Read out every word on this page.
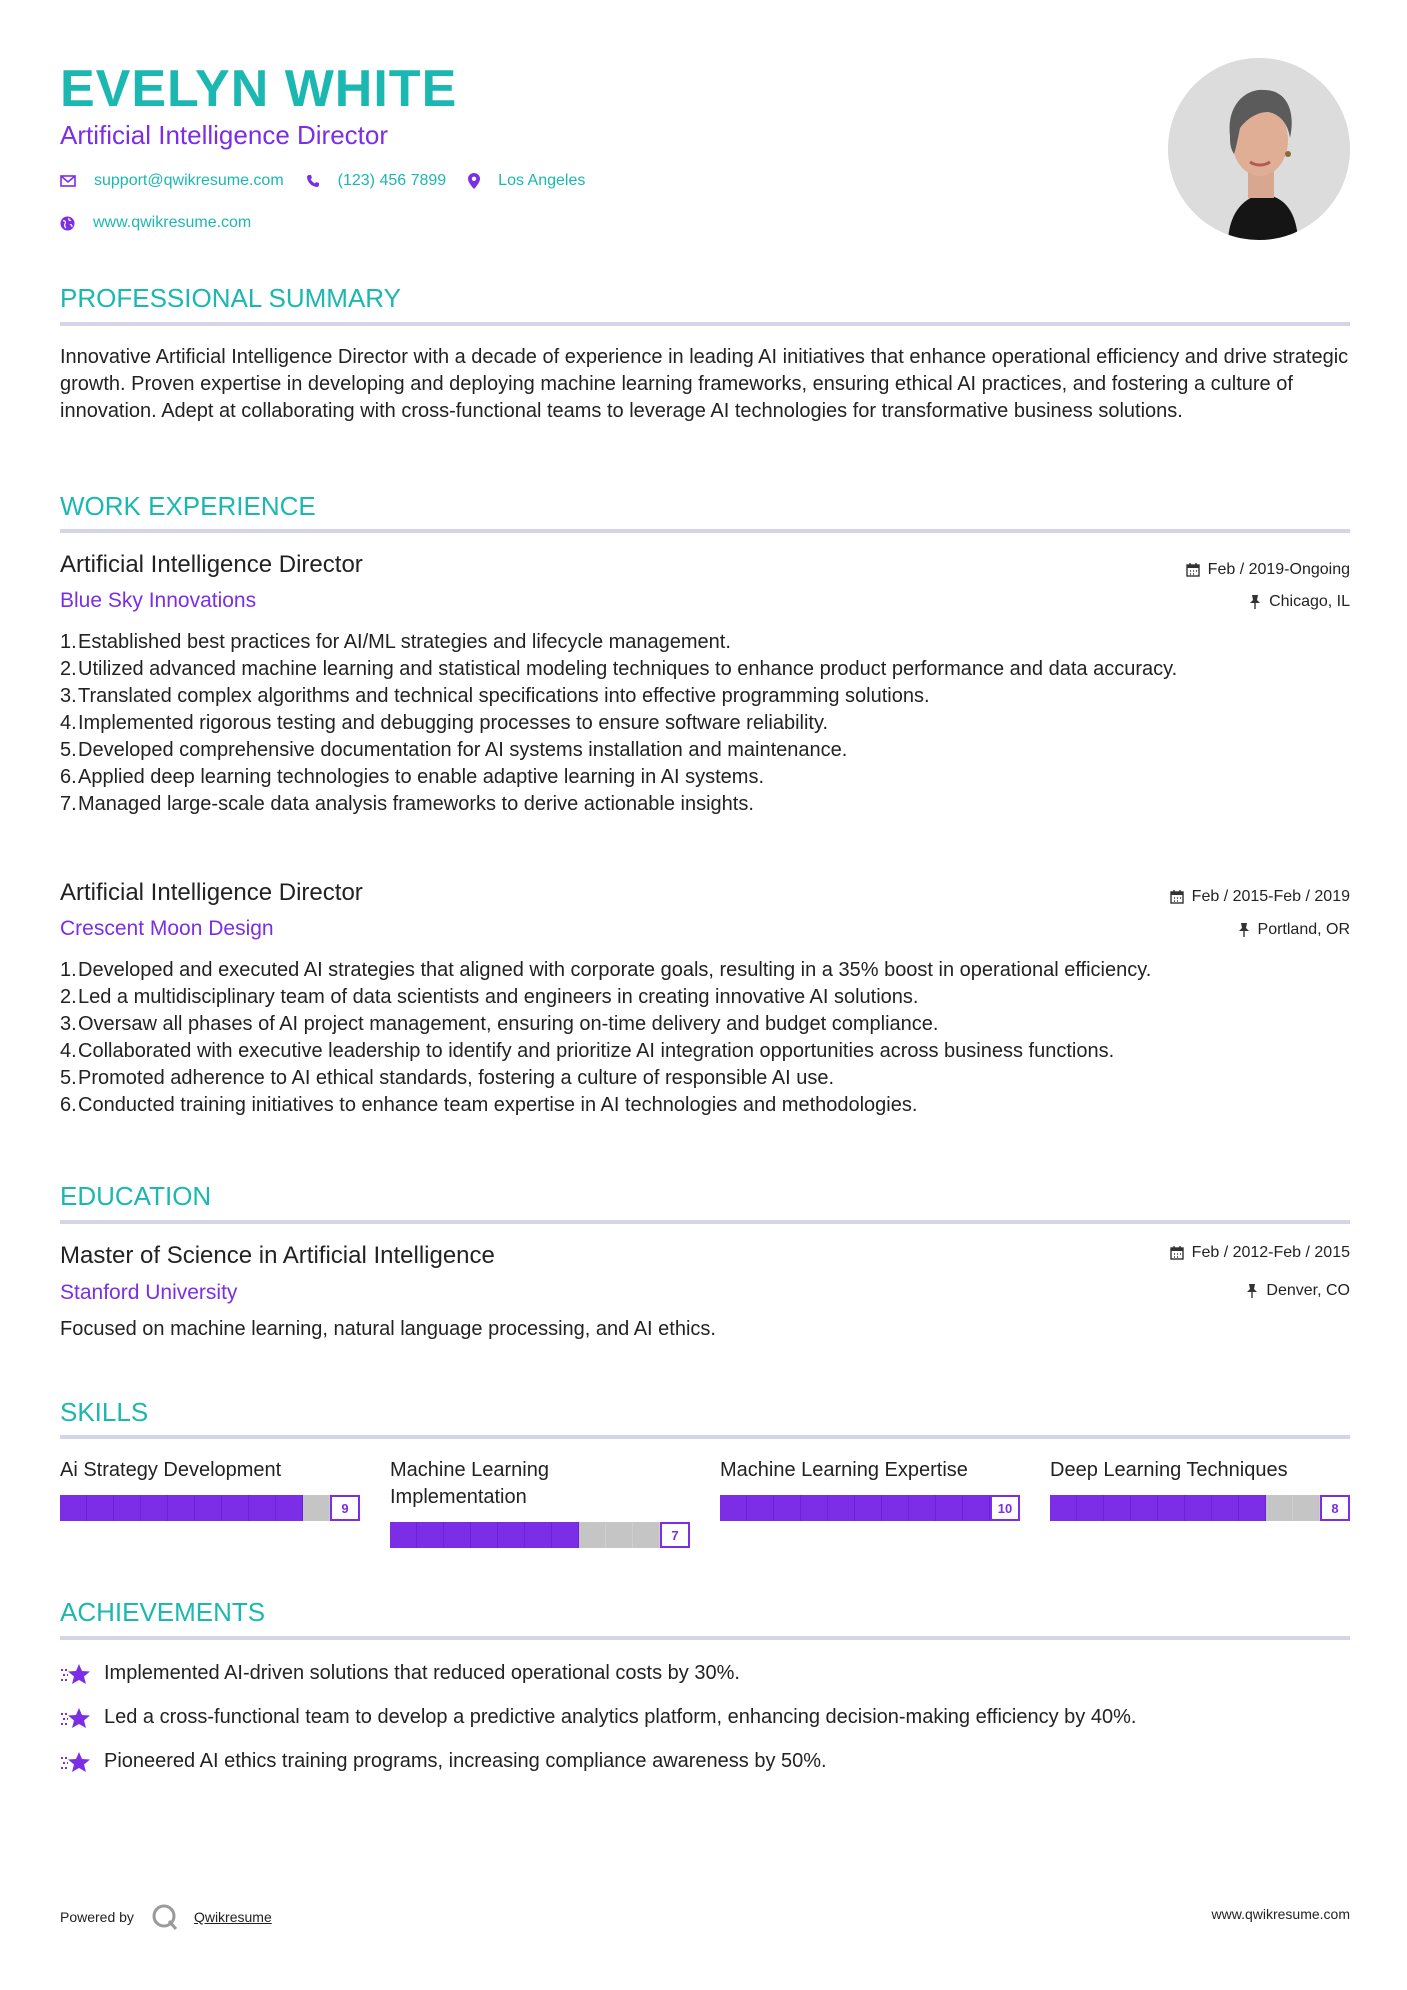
EVELYN WHITE
Artificial Intelligence Director
support@qwikresume.com	(123) 456 7899	Los Angeles
www.qwikresume.com
PROFESSIONAL SUMMARY
Innovative Artificial Intelligence Director with a decade of experience in leading AI initiatives that enhance operational efficiency and drive strategic growth. Proven expertise in developing and deploying machine learning frameworks, ensuring ethical AI practices, and fostering a culture of innovation. Adept at collaborating with cross-functional teams to leverage AI technologies for transformative business solutions.
WORK EXPERIENCE
Artificial Intelligence Director	Feb / 2019-Ongoing
Blue Sky Innovations	Chicago, IL
1. Established best practices for AI/ML strategies and lifecycle management.
2. Utilized advanced machine learning and statistical modeling techniques to enhance product performance and data accuracy.
3. Translated complex algorithms and technical specifications into effective programming solutions.
4. Implemented rigorous testing and debugging processes to ensure software reliability.
5. Developed comprehensive documentation for AI systems installation and maintenance.
6. Applied deep learning technologies to enable adaptive learning in AI systems.
7. Managed large-scale data analysis frameworks to derive actionable insights.
Artificial Intelligence Director	Feb / 2015-Feb / 2019
Crescent Moon Design	Portland, OR
1. Developed and executed AI strategies that aligned with corporate goals, resulting in a 35% boost in operational efficiency.
2. Led a multidisciplinary team of data scientists and engineers in creating innovative AI solutions.
3. Oversaw all phases of AI project management, ensuring on-time delivery and budget compliance.
4. Collaborated with executive leadership to identify and prioritize AI integration opportunities across business functions.
5. Promoted adherence to AI ethical standards, fostering a culture of responsible AI use.
6. Conducted training initiatives to enhance team expertise in AI technologies and methodologies.
EDUCATION
Master of Science in Artificial Intelligence	Feb / 2012-Feb / 2015
Stanford University	Denver, CO
Focused on machine learning, natural language processing, and AI ethics.
SKILLS
Ai Strategy Development
9
Machine Learning Implementation
7
Machine Learning Expertise
10
Deep Learning Techniques
8
ACHIEVEMENTS
Implemented AI-driven solutions that reduced operational costs by 30%.
Led a cross-functional team to develop a predictive analytics platform, enhancing decision-making efficiency by 40%.
Pioneered AI ethics training programs, increasing compliance awareness by 50%.
Powered by	Qwikresume	www.qwikresume.com
